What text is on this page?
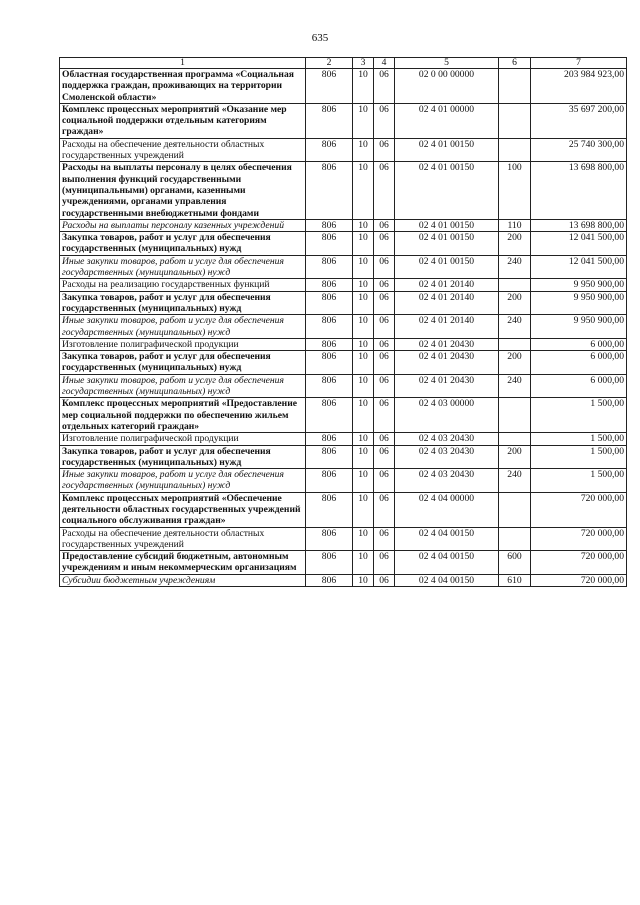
635
1	2	3	4	5	6	7
Областная государственная программа «Социальная поддержка граждан, проживающих на территории Смоленской области»	806	10	06	02 0 00 00000		203 984 923,00
Комплекс процессных мероприятий «Оказание мер социальной поддержки отдельным категориям граждан»	806	10	06	02 4 01 00000		35 697 200,00
Расходы на обеспечение деятельности областных государственных учреждений	806	10	06	02 4 01 00150		25 740 300,00
Расходы на выплаты персоналу в целях обеспечения выполнения функций государственными (муниципальными) органами, казенными учреждениями, органами управления государственными внебюджетными фондами	806	10	06	02 4 01 00150	100	13 698 800,00
Расходы на выплаты персоналу казенных учреждений	806	10	06	02 4 01 00150	110	13 698 800,00
Закупка товаров, работ и услуг для обеспечения государственных (муниципальных) нужд	806	10	06	02 4 01 00150	200	12 041 500,00
Иные закупки товаров, работ и услуг для обеспечения государственных (муниципальных) нужд	806	10	06	02 4 01 00150	240	12 041 500,00
Расходы на реализацию государственных функций	806	10	06	02 4 01 20140		9 950 900,00
Закупка товаров, работ и услуг для обеспечения государственных (муниципальных) нужд	806	10	06	02 4 01 20140	200	9 950 900,00
Иные закупки товаров, работ и услуг для обеспечения государственных (муниципальных) нужд	806	10	06	02 4 01 20140	240	9 950 900,00
Изготовление полиграфической продукции	806	10	06	02 4 01 20430		6 000,00
Закупка товаров, работ и услуг для обеспечения государственных (муниципальных) нужд	806	10	06	02 4 01 20430	200	6 000,00
Иные закупки товаров, работ и услуг для обеспечения государственных (муниципальных) нужд	806	10	06	02 4 01 20430	240	6 000,00
Комплекс процессных мероприятий «Предоставление мер социальной поддержки по обеспечению жильем отдельных категорий граждан»	806	10	06	02 4 03 00000		1 500,00
Изготовление полиграфической продукции	806	10	06	02 4 03 20430		1 500,00
Закупка товаров, работ и услуг для обеспечения государственных (муниципальных) нужд	806	10	06	02 4 03 20430	200	1 500,00
Иные закупки товаров, работ и услуг для обеспечения государственных (муниципальных) нужд	806	10	06	02 4 03 20430	240	1 500,00
Комплекс процессных мероприятий «Обеспечение деятельности областных государственных учреждений социального обслуживания граждан»	806	10	06	02 4 04 00000		720 000,00
Расходы на обеспечение деятельности областных государственных учреждений	806	10	06	02 4 04 00150		720 000,00
Предоставление субсидий бюджетным, автономным учреждениям и иным некоммерческим организациям	806	10	06	02 4 04 00150	600	720 000,00
Субсидии бюджетным учреждениям	806	10	06	02 4 04 00150	610	720 000,00
